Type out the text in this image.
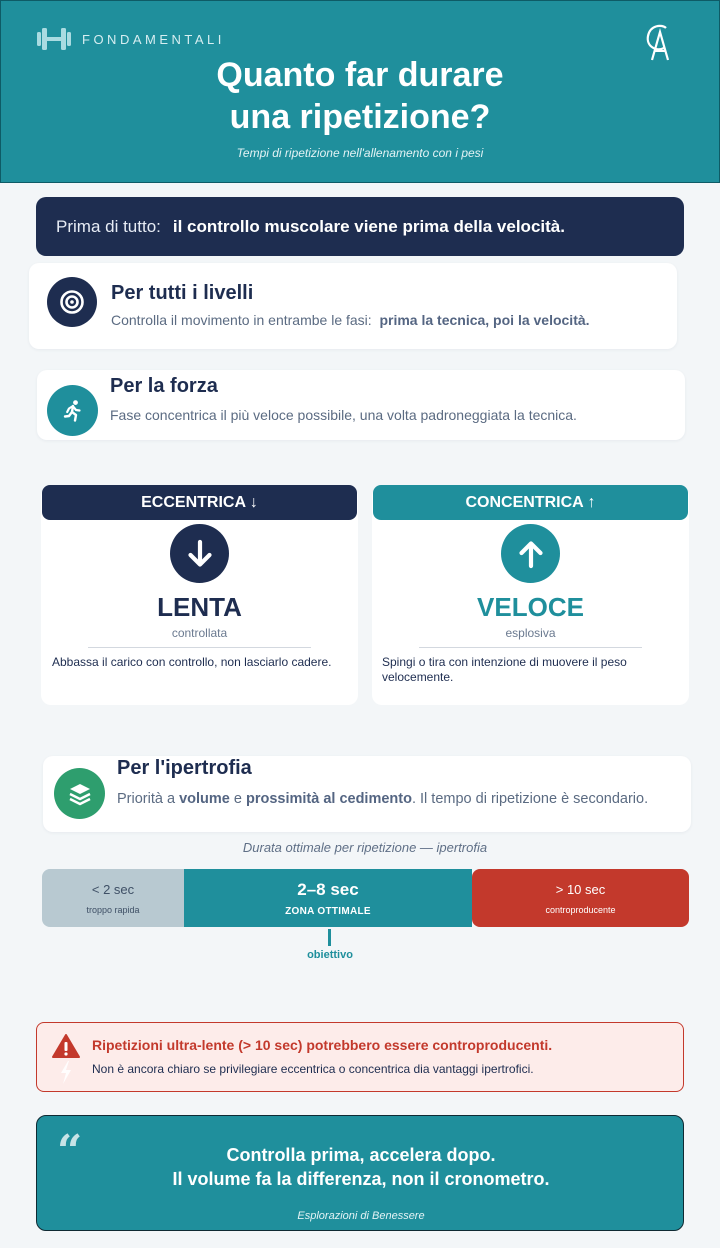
FONDAMENTALI
Quanto far durare
una ripetizione?
Tempi di ripetizione nell'allenamento con i pesi
Prima di tutto: il controllo muscolare viene prima della velocità.
Per tutti i livelli
Controlla il movimento in entrambe le fasi: prima la tecnica, poi la velocità.
Per la forza
Fase concentrica il più veloce possibile, una volta padroneggiata la tecnica.
ECCENTRICA ↓
LENTA
controllata
Abbassa il carico con controllo, non lasciarlo cadere.
CONCENTRICA ↑
VELOCE
esplosiva
Spingi o tira con intenzione di muovere il peso velocemente.
Per l'ipertrofia
Priorità a volume e prossimità al cedimento. Il tempo di ripetizione è secondario.
Durata ottimale per ripetizione — ipertrofia
< 2 sec
troppo rapida
2–8 sec
ZONA OTTIMALE
> 10 sec
controproducente
obiettivo
Ripetizioni ultra-lente (> 10 sec) potrebbero essere controproducenti.
Non è ancora chiaro se privilegiare eccentrica o concentrica dia vantaggi ipertrofici.
“	Controlla prima, accelera dopo.
Il volume fa la differenza, non il cronometro.
Esplorazioni di Benessere
